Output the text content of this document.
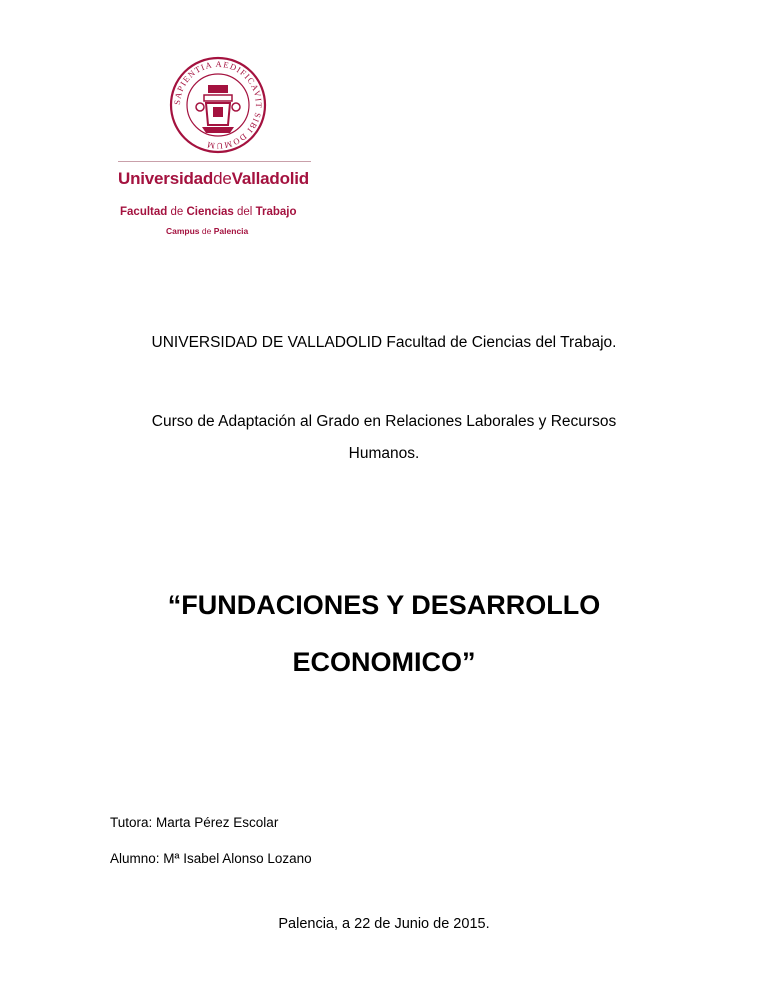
SAPIENTIA AEDIFICAVIT SIBI DOMUM
UniversidaddeValladolid
Facultad de Ciencias del Trabajo
Campus de Palencia
UNIVERSIDAD DE VALLADOLID Facultad de Ciencias del Trabajo.
Curso de Adaptación al Grado en Relaciones Laborales y Recursos
Humanos.
“FUNDACIONES Y DESARROLLO
ECONOMICO”
Tutora: Marta Pérez Escolar
Alumno: Mª Isabel Alonso Lozano
Palencia, a 22 de Junio de 2015.
